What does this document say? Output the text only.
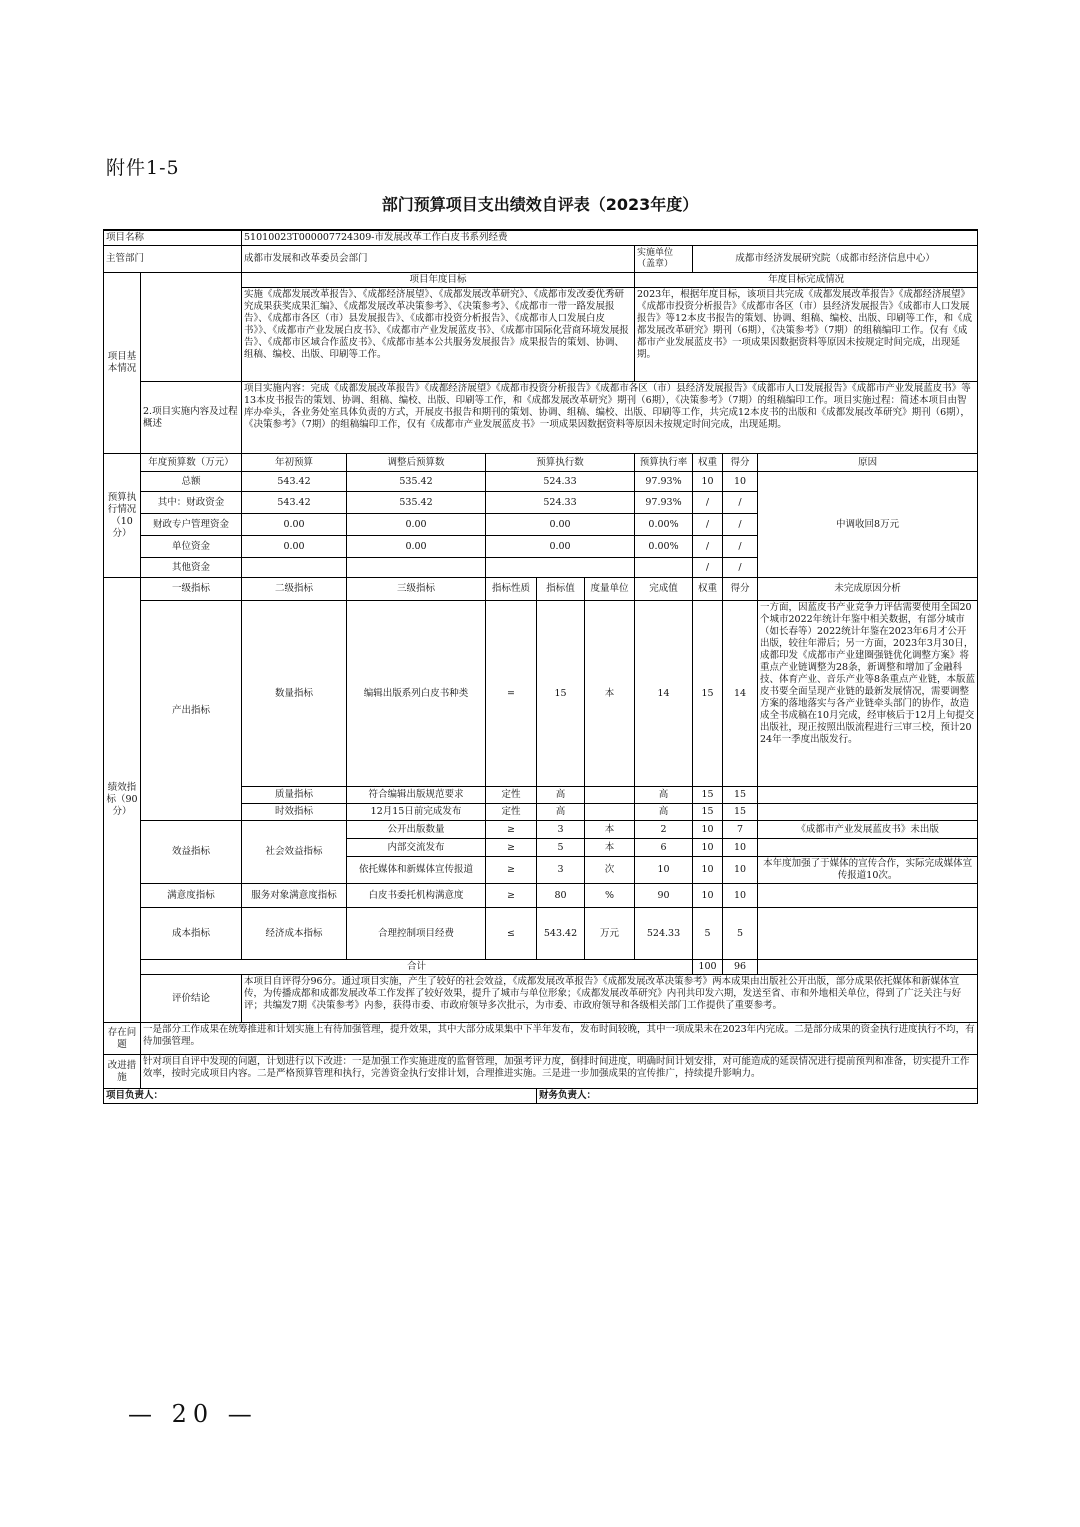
附件1-5
部门预算项目支出绩效自评表（2023年度）
项目名称		51010023T000007724309-市发展改革工作白皮书系列经费								
主管部门		成都市发展和改革委员会部门					实施单位（盖章）	成都市经济发展研究院（成都市经济信息中心）		
项目基本情况		项目年度目标					年度目标完成情况			
		实施《成都发展改革报告》、《成都经济展望》、《成都发展改革研究》、《成都市发改委优秀研究成果获奖成果汇编》、《成都发展改革决策参考》、《决策参考》、《成都市一带一路发展报告》、《成都市各区（市）县发展报告》、《成都市投资分析报告》、《成都市人口发展白皮书》》、《成都市产业发展白皮书》、《成都市产业发展蓝皮书》、《成都市国际化营商环境发展报告》、《成都市区域合作蓝皮书》、《成都市基本公共服务发展报告》成果报告的策划、协调、组稿、编校、出版、印刷等工作。					2023年，根据年度目标，该项目共完成《成都发展改革报告》《成都经济展望》《成都市投资分析报告》《成都市各区（市）县经济发展报告》《成都市人口发展报告》等12本皮书报告的策划、协调、组稿、编校、出版、印刷等工作，和《成都发展改革研究》期刊（6期），《决策参考》（7期）的组稿编印工作。仅有《成都市产业发展蓝皮书》一项成果因数据资料等原因未按规定时间完成，出现延期。			
	2.项目实施内容及过程概述	项目实施内容：完成《成都发展改革报告》《成都经济展望》《成都市投资分析报告》《成都市各区（市）县经济发展报告》《成都市人口发展报告》《成都市产业发展蓝皮书》等13本皮书报告的策划、协调、组稿、编校、出版、印刷等工作，和《成都发展改革研究》期刊（6期），《决策参考》（7期）的组稿编印工作。项目实施过程：简述本项目由智库办牵头，各业务处室具体负责的方式，开展皮书报告和期刊的策划、协调、组稿、编校、出版、印刷等工作，共完成12本皮书的出版和《成都发展改革研究》期刊（6期），《决策参考》（7期）的组稿编印工作，仅有《成都市产业发展蓝皮书》一项成果因数据资料等原因未按规定时间完成，出现延期。								
预算执行情况（10分）	年度预算数（万元）	年初预算	调整后预算数	预算执行数			预算执行率	权重	得分	原因
	总额	543.42	535.42	524.33			97.93%	10	10	中调收回8万元
	其中：财政资金	543.42	535.42	524.33			97.93%	/	/	
	财政专户管理资金	0.00	0.00	0.00			0.00%	/	/	
	单位资金	0.00	0.00	0.00			0.00%	/	/	
	其他资金							/	/	
绩效指标（90分）	一级指标	二级指标	三级指标	指标性质	指标值	度量单位	完成值	权重	得分	未完成原因分析
	产出指标	数量指标	编辑出版系列白皮书种类	=	15	本	14	15	14	一方面，因蓝皮书产业竞争力评估需要使用全国20个城市2022年统计年鉴中相关数据，有部分城市（如长春等）2022统计年鉴在2023年6月才公开出版，较往年滞后；另一方面，2023年3月30日，成都印发《成都市产业建圈强链优化调整方案》将重点产业链调整为28条，新调整和增加了金融科技、体育产业、音乐产业等8条重点产业链，本版蓝皮书要全面呈现产业链的最新发展情况，需要调整方案的落地落实与各产业链牵头部门的协作，故造成全书成稿在10月完成，经审核后于12月上旬提交出版社，现正按照出版流程进行三审三校，预计2024年一季度出版发行。
		质量指标	符合编辑出版规范要求	定性	高		高	15	15	
		时效指标	12月15日前完成发布	定性	高		高	15	15	
	效益指标	社会效益指标	公开出版数量	≥	3	本	2	10	7	《成都市产业发展蓝皮书》未出版
			内部交流发布	≥	5	本	6	10	10	
			依托媒体和新媒体宣传报道	≥	3	次	10	10	10	本年度加强了于媒体的宣传合作，实际完成媒体宣传报道10次。
	满意度指标	服务对象满意度指标	白皮书委托机构满意度	≥	80	%	90	10	10	
	成本指标	经济成本指标	合理控制项目经费	≤	543.42	万元	524.33	5	5	
	合计							100	96	
	评价结论	本项目自评得分96分。通过项目实施，产生了较好的社会效益，《成都发展改革报告》《成都发展改革决策参考》两本成果由出版社公开出版，部分成果依托媒体和新媒体宣传，为传播成都和成都发展改革工作发挥了较好效果，提升了城市与单位形象；《成都发展改革研究》内刊共印发六期，发送至省、市和外地相关单位，得到了广泛关注与好评；共编发7期《决策参考》内参，获得市委、市政府领导多次批示，为市委、市政府领导和各级相关部门工作提供了重要参考。								
存在问题	一是部分工作成果在统筹推进和计划实施上有待加强管理，提升效果，其中大部分成果集中下半年发布，发布时间较晚，其中一项成果未在2023年内完成。二是部分成果的资金执行进度执行不均，有待加强管理。									
改进措施	针对项目自评中发现的问题，计划进行以下改进：一是加强工作实施进度的监督管理，加强考评力度，倒排时间进度，明确时间计划安排，对可能造成的延误情况进行提前预判和准备，切实提升工作效率，按时完成项目内容。二是严格预算管理和执行，完善资金执行安排计划，合理推进实施。三是进一步加强成果的宣传推广，持续提升影响力。									
项目负责人：					财务负责人：					
— 20 —
